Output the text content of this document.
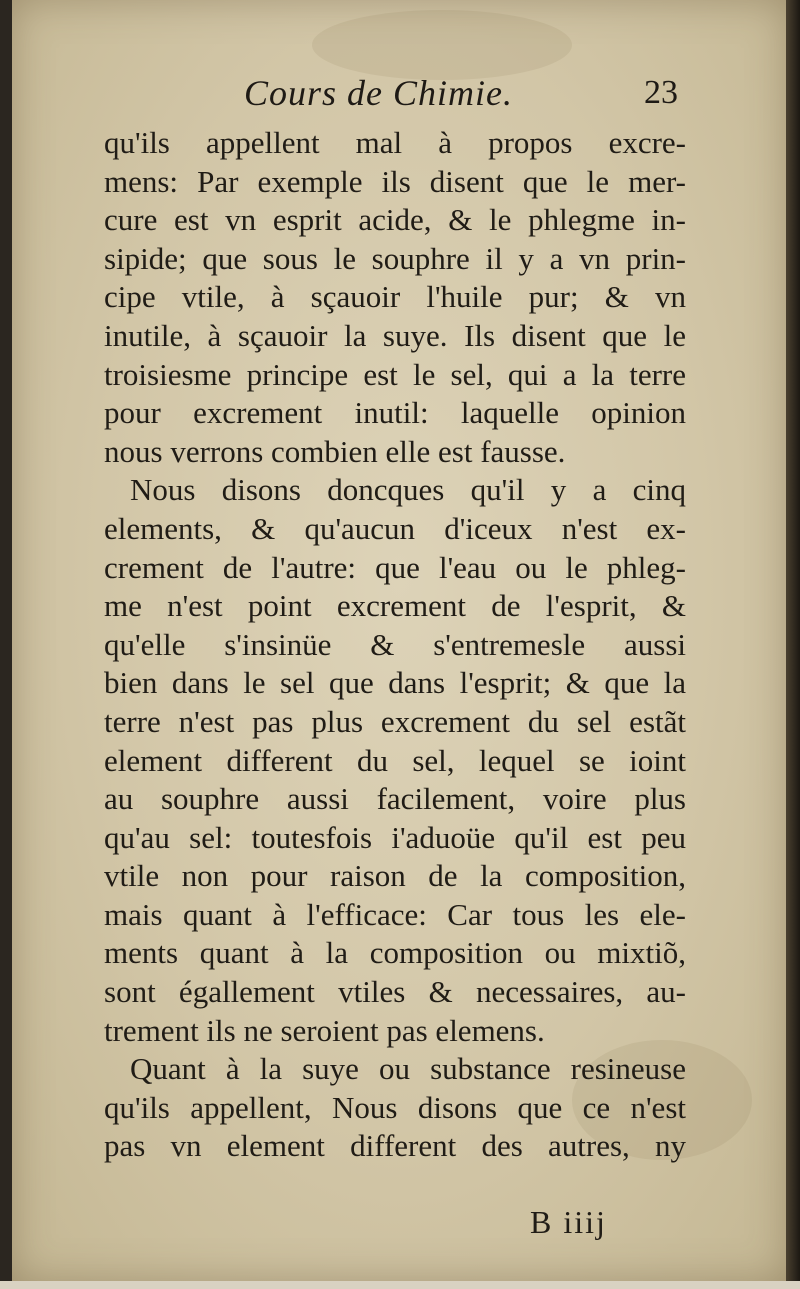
Cours de Chimie.	23
qu'ils appellent mal à propos excre-
mens: Par exemple ils disent que le mer-
cure est vn esprit acide, & le phlegme in-
sipide; que sous le souphre il y a vn prin-
cipe vtile, à sçauoir l'huile pur; & vn
inutile, à sçauoir la suye. Ils disent que le
troisiesme principe est le sel, qui a la terre
pour excrement inutil: laquelle opinion
nous verrons combien elle est fausse.
Nous disons doncques qu'il y a cinq
elements, & qu'aucun d'iceux n'est ex-
crement de l'autre: que l'eau ou le phleg-
me n'est point excrement de l'esprit, &
qu'elle s'insinüe & s'entremesle aussi
bien dans le sel que dans l'esprit; & que la
terre n'est pas plus excrement du sel estãt
element different du sel, lequel se ioint
au souphre aussi facilement, voire plus
qu'au sel: toutesfois i'aduoüe qu'il est peu
vtile non pour raison de la composition,
mais quant à l'efficace: Car tous les ele-
ments quant à la composition ou mixtiõ,
sont égallement vtiles & necessaires, au-
trement ils ne seroient pas elemens.
Quant à la suye ou substance resineuse
qu'ils appellent, Nous disons que ce n'est
pas vn element different des autres, ny
B iiij
